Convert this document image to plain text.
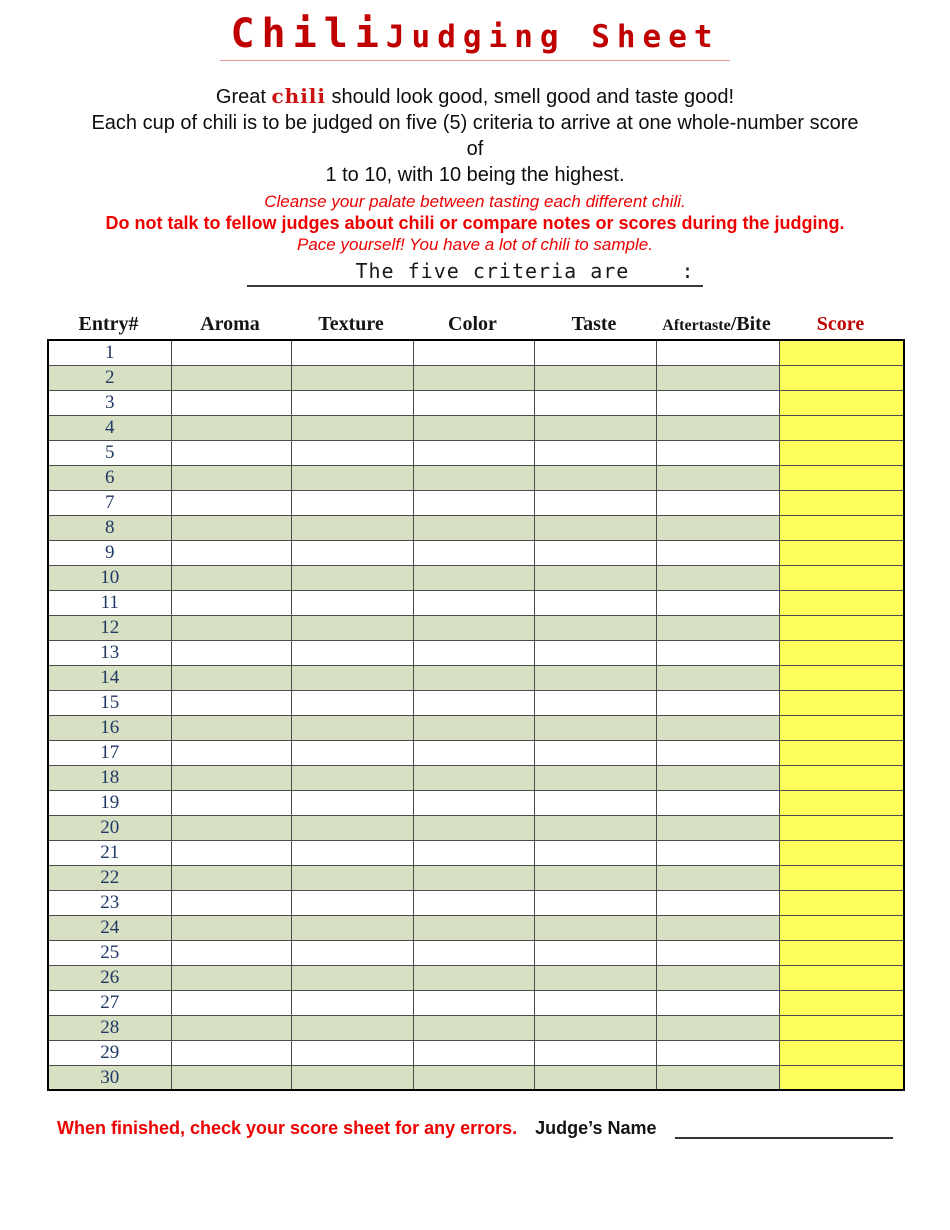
ChiliJudging Sheet

Great chili should look good, smell good and taste good!

Each cup of chili is to be judged on five (5) criteria to arrive at one whole-number score

of

1 to 10, with 10 being the highest.

Cleanse your palate between tasting each different chili.

Do not talk to fellow judges about chili or compare notes or scores during the judging.

Pace yourself! You have a lot of chili to sample.

The five criteria are    :
Entry#	Aroma	Texture	Color	Taste	Aftertaste/Bite	Score
1						
2						
3						
4						
5						
6						
7						
8						
9						
10						
11						
12						
13						
14						
15						
16						
17						
18						
19						
20						
21						
22						
23						
24						
25						
26						
27						
28						
29						
30						
When finished, check your score sheet for any errors. Judge’s Name
